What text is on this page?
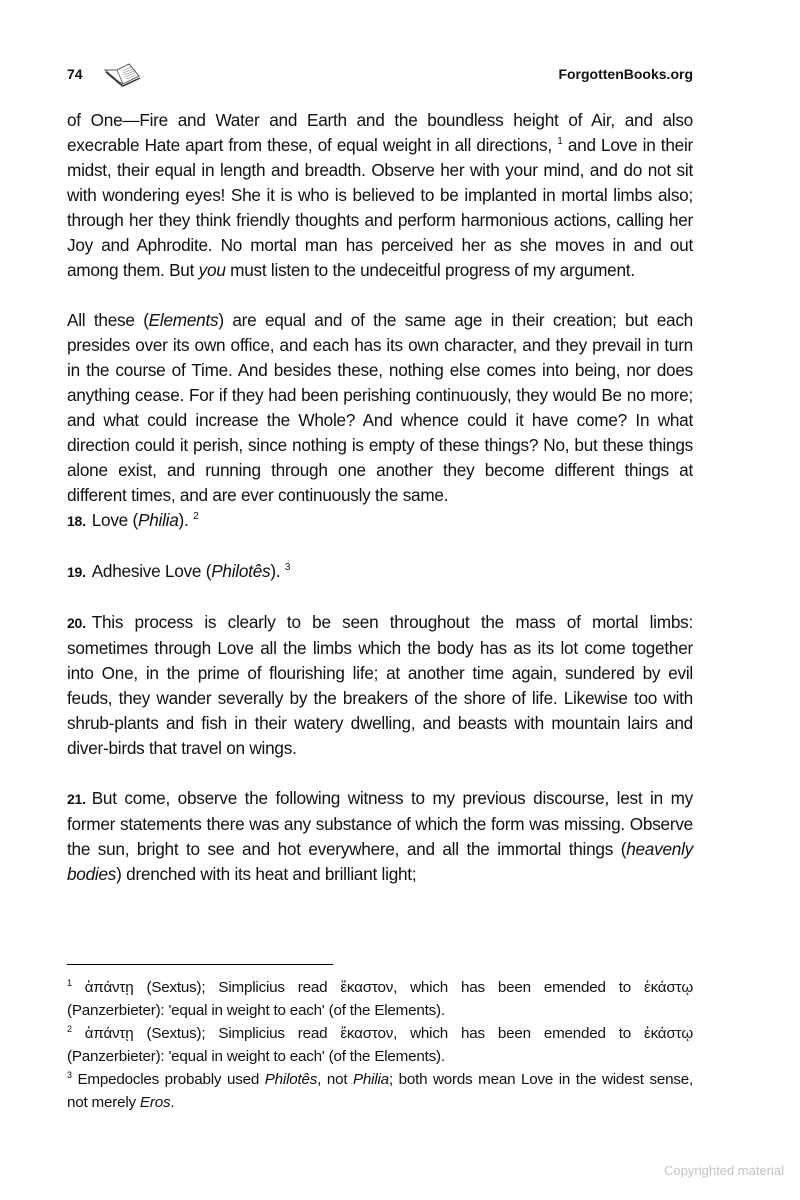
74	ForgottenBooks.org

of One—Fire and Water and Earth and the boundless height of Air, and also execrable Hate apart from these, of equal weight in all directions, $^1$ and Love in their midst, their equal in length and breadth. Observe her with your mind, and do not sit with wondering eyes! She it is who is believed to be implanted in mortal limbs also; through her they think friendly thoughts and perform harmonious actions, calling her Joy and Aphrodite. No mortal man has perceived her as she moves in and out among them. But you must listen to the undeceitful progress of my argument.

All these (Elements) are equal and of the same age in their creation; but each presides over its own office, and each has its own character, and they prevail in turn in the course of Time. And besides these, nothing else comes into being, nor does anything cease. For if they had been perishing continuously, they would Be no more; and what could increase the Whole? And whence could it have come? In what direction could it perish, since nothing is empty of these things? No, but these things alone exist, and running through one another they become different things at different times, and are ever continuously the same.

18. Love (Philia). $^2$

19. Adhesive Love (Philotês). $^3$

20. This process is clearly to be seen throughout the mass of mortal limbs: sometimes through Love all the limbs which the body has as its lot come together into One, in the prime of flourishing life; at another time again, sundered by evil feuds, they wander severally by the breakers of the shore of life. Likewise too with shrub-plants and fish in their watery dwelling, and beasts with mountain lairs and diver-birds that travel on wings.

21. But come, observe the following witness to my previous discourse, lest in my former statements there was any substance of which the form was missing. Observe the sun, bright to see and hot everywhere, and all the immortal things (heavenly bodies) drenched with its heat and brilliant light;

$^1$ ἁπάντῃ (Sextus); Simplicius read ἕκαστον, which has been emended to ἑκάστῳ (Panzerbieter): 'equal in weight to each' (of the Elements).

$^2$ ἁπάντῃ (Sextus); Simplicius read ἕκαστον, which has been emended to ἑκάστῳ (Panzerbieter): 'equal in weight to each' (of the Elements).

$^3$ Empedocles probably used Philotês, not Philia; both words mean Love in the widest sense, not merely Eros.

Copyrighted material
